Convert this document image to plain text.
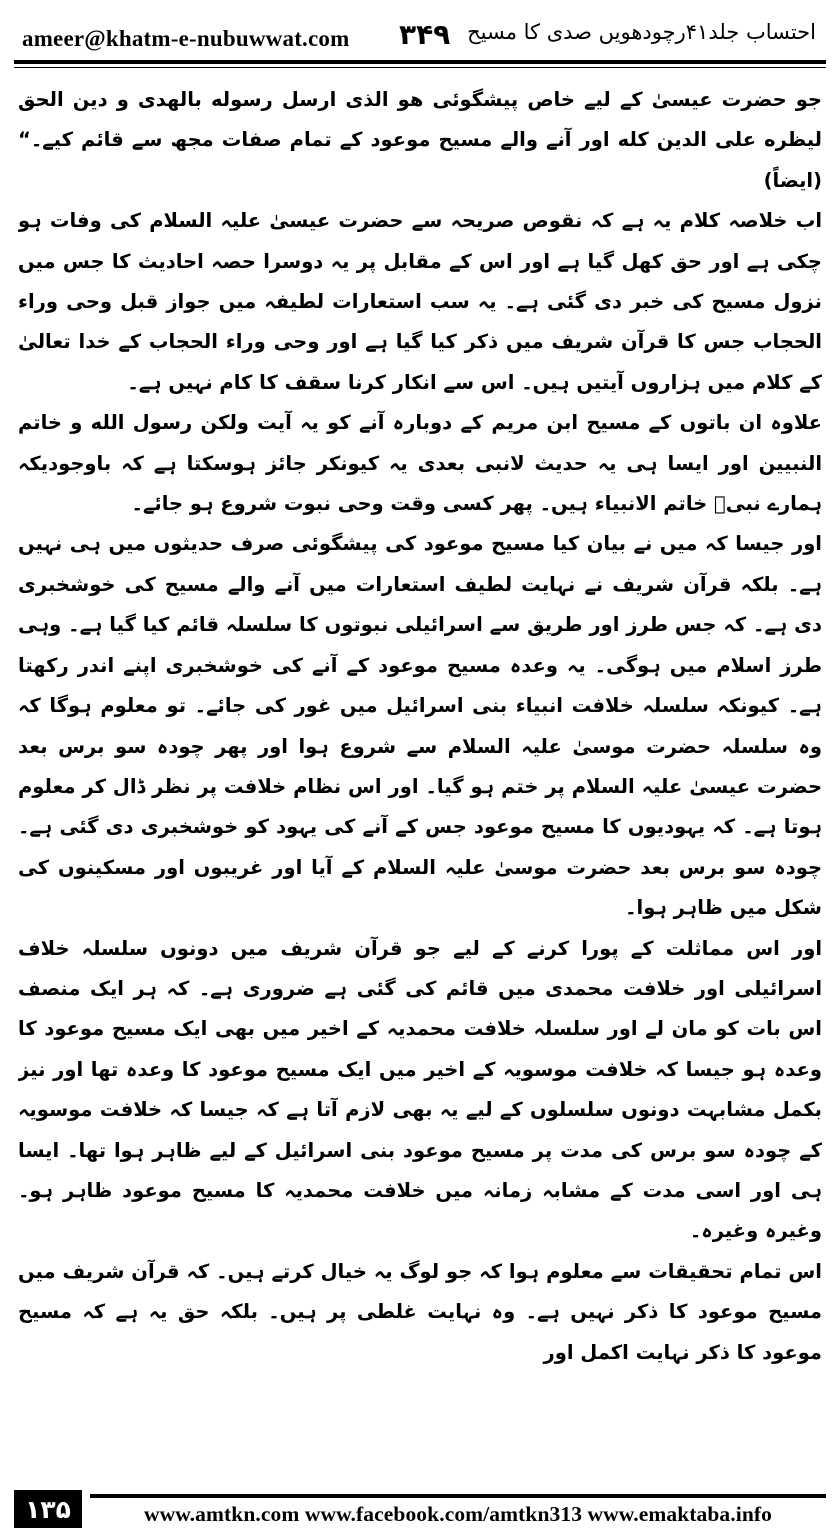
ameer@khatm-e-nubuwwat.com ۳۴۹ احتساب جلد۴۱رچودھویں صدی کا مسیح

جو حضرت عیسیٰ کے لیے خاص پیشگوئی ھو الذی ارسل رسوله بالهدی و دین الحق لیظره علی الدین کله اور آنے والے مسیح موعود کے تمام صفات مجھ سے قائم کیے۔“ (ایضاً)

اب خلاصہ کلام یہ ہے کہ نقوص صریحہ سے حضرت عیسیٰ علیہ السلام کی وفات ہو چکی ہے اور حق کھل گیا ہے اور اس کے مقابل پر یہ دوسرا حصہ احادیث کا جس میں نزول مسیح کی خبر دی گئی ہے۔ یہ سب استعارات لطیفہ میں جواز قبل وحی وراء الحجاب جس کا قرآن شریف میں ذکر کیا گیا ہے اور وحی وراء الحجاب کے خدا تعالیٰ کے کلام میں ہزاروں آیتیں ہیں۔ اس سے انکار کرنا سقف کا کام نہیں ہے۔

علاوہ ان باتوں کے مسیح ابن مریم کے دوبارہ آنے کو یہ آیت ولکن رسول الله و خاتم النبیین اور ایسا ہی یہ حدیث لانبی بعدی یہ کیونکر جائز ہوسکتا ہے کہ باوجودیکہ ہمارے نبیؐ خاتم الانبیاء ہیں۔ پھر کسی وقت وحی نبوت شروع ہو جائے۔

اور جیسا کہ میں نے بیان کیا مسیح موعود کی پیشگوئی صرف حدیثوں میں ہی نہیں ہے۔ بلکہ قرآن شریف نے نہایت لطیف استعارات میں آنے والے مسیح کی خوشخبری دی ہے۔ کہ جس طرز اور طریق سے اسرائیلی نبوتوں کا سلسلہ قائم کیا گیا ہے۔ وہی طرز اسلام میں ہوگی۔ یہ وعدہ مسیح موعود کے آنے کی خوشخبری اپنے اندر رکھتا ہے۔ کیونکہ سلسلہ خلافت انبیاء بنی اسرائیل میں غور کی جائے۔ تو معلوم ہوگا کہ وہ سلسلہ حضرت موسیٰ علیہ السلام سے شروع ہوا اور پھر چودہ سو برس بعد حضرت عیسیٰ علیہ السلام پر ختم ہو گیا۔ اور اس نظام خلافت پر نظر ڈال کر معلوم ہوتا ہے۔ کہ یہودیوں کا مسیح موعود جس کے آنے کی یہود کو خوشخبری دی گئی ہے۔ چودہ سو برس بعد حضرت موسیٰ علیہ السلام کے آیا اور غریبوں اور مسکینوں کی شکل میں ظاہر ہوا۔

اور اس مماثلت کے پورا کرنے کے لیے جو قرآن شریف میں دونوں سلسلہ خلاف اسرائیلی اور خلافت محمدی میں قائم کی گئی ہے ضروری ہے۔ کہ ہر ایک منصف اس بات کو مان لے اور سلسلہ خلافت محمدیہ کے اخیر میں بھی ایک مسیح موعود کا وعدہ ہو جیسا کہ خلافت موسویہ کے اخیر میں ایک مسیح موعود کا وعدہ تھا اور نیز بکمل مشابہت دونوں سلسلوں کے لیے یہ بھی لازم آتا ہے کہ جیسا کہ خلافت موسویہ کے چودہ سو برس کی مدت پر مسیح موعود بنی اسرائیل کے لیے ظاہر ہوا تھا۔ ایسا ہی اور اسی مدت کے مشابہ زمانہ میں خلافت محمدیہ کا مسیح موعود ظاہر ہو۔ وغیرہ وغیرہ۔

اس تمام تحقیقات سے معلوم ہوا کہ جو لوگ یہ خیال کرتے ہیں۔ کہ قرآن شریف میں مسیح موعود کا ذکر نہیں ہے۔ وہ نہایت غلطی پر ہیں۔ بلکہ حق یہ ہے کہ مسیح موعود کا ذکر نہایت اکمل اور

۱۳۵	www.amtkn.com www.facebook.com/amtkn313 www.emaktaba.info
